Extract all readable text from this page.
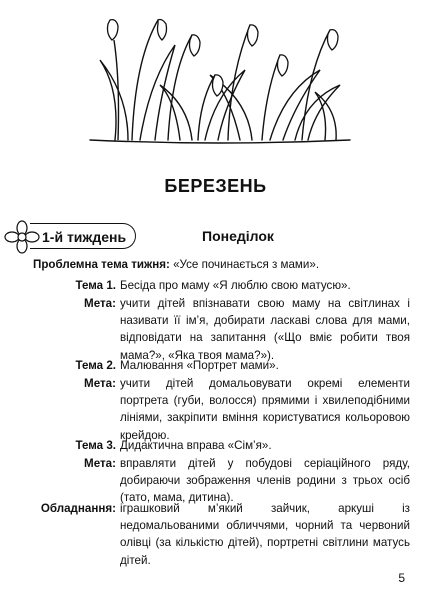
БЕРЕЗЕНЬ
1-й тиждень	Понеділок
Проблемна тема тижня: «Усе починається з мами».
Тема 1. Бесіда про маму «Я люблю свою матусю».
Мета: учити дітей впізнавати свою маму на світлинах і називати її ім’я, добирати лаcкаві слова для мами, відповідати на запитання («Що вміє робити твоя мама?», «Яка твоя мама?»).
Тема 2. Малювання «Портрет мами».
Мета: учити дітей домальовувати окремі елементи портрета (губи, волосся) прямими і хвилеподібними лініями, закріпити вміння користуватися кольоровою крейдою.
Тема 3. Дидактична вправа «Сім’я».
Мета: вправляти дітей у побудові серіаційного ряду, добираючи зображення членів родини з трьох осіб (тато, мама, дитина).
Обладнання: іграшковий м’який зайчик, аркуші із недомальованими обличчями, чорний та червоний олівці (за кількістю дітей), портретні світлини матусь дітей.
5
